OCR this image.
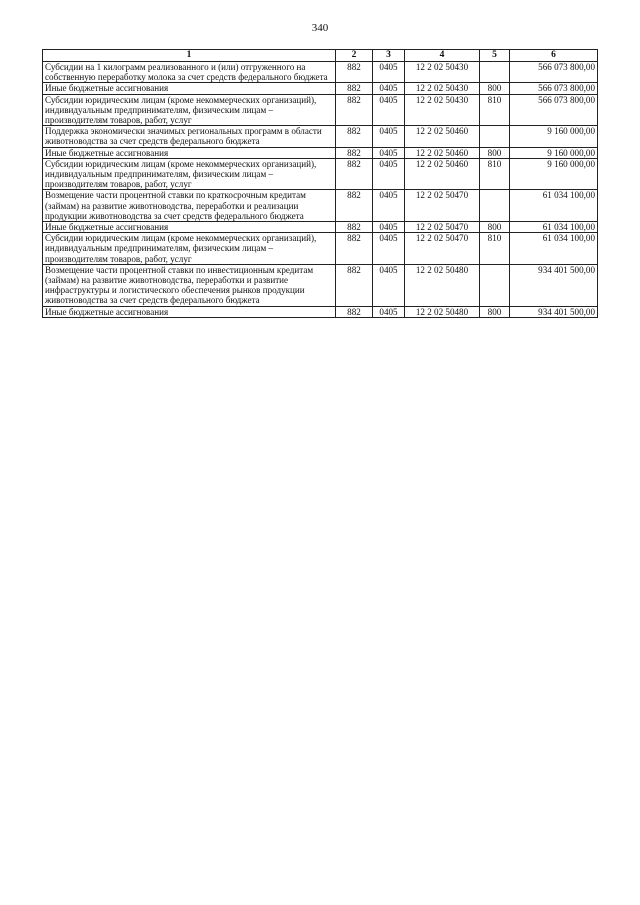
340
1	2	3	4	5	6
Субсидии на 1 килограмм реализованного и (или) отгруженного на собственную переработку молока за счет средств федерального бюджета	882	0405	12 2 02 50430		566 073 800,00
Иные бюджетные ассигнования	882	0405	12 2 02 50430	800	566 073 800,00
Субсидии юридическим лицам (кроме некоммерческих организаций), индивидуальным предпринимателям, физическим лицам – производителям товаров, работ, услуг	882	0405	12 2 02 50430	810	566 073 800,00
Поддержка экономически значимых региональных программ в области животноводства за счет средств федерального бюджета	882	0405	12 2 02 50460		9 160 000,00
Иные бюджетные ассигнования	882	0405	12 2 02 50460	800	9 160 000,00
Субсидии юридическим лицам (кроме некоммерческих организаций), индивидуальным предпринимателям, физическим лицам – производителям товаров, работ, услуг	882	0405	12 2 02 50460	810	9 160 000,00
Возмещение части процентной ставки по краткосрочным кредитам (займам) на развитие животноводства, переработки и реализации продукции животноводства за счет средств федерального бюджета	882	0405	12 2 02 50470		61 034 100,00
Иные бюджетные ассигнования	882	0405	12 2 02 50470	800	61 034 100,00
Субсидии юридическим лицам (кроме некоммерческих организаций), индивидуальным предпринимателям, физическим лицам – производителям товаров, работ, услуг	882	0405	12 2 02 50470	810	61 034 100,00
Возмещение части процентной ставки по инвестиционным кредитам (займам) на развитие животноводства, переработки и развитие инфраструктуры и логистического обеспечения рынков продукции животноводства за счет средств федерального бюджета	882	0405	12 2 02 50480		934 401 500,00
Иные бюджетные ассигнования	882	0405	12 2 02 50480	800	934 401 500,00
